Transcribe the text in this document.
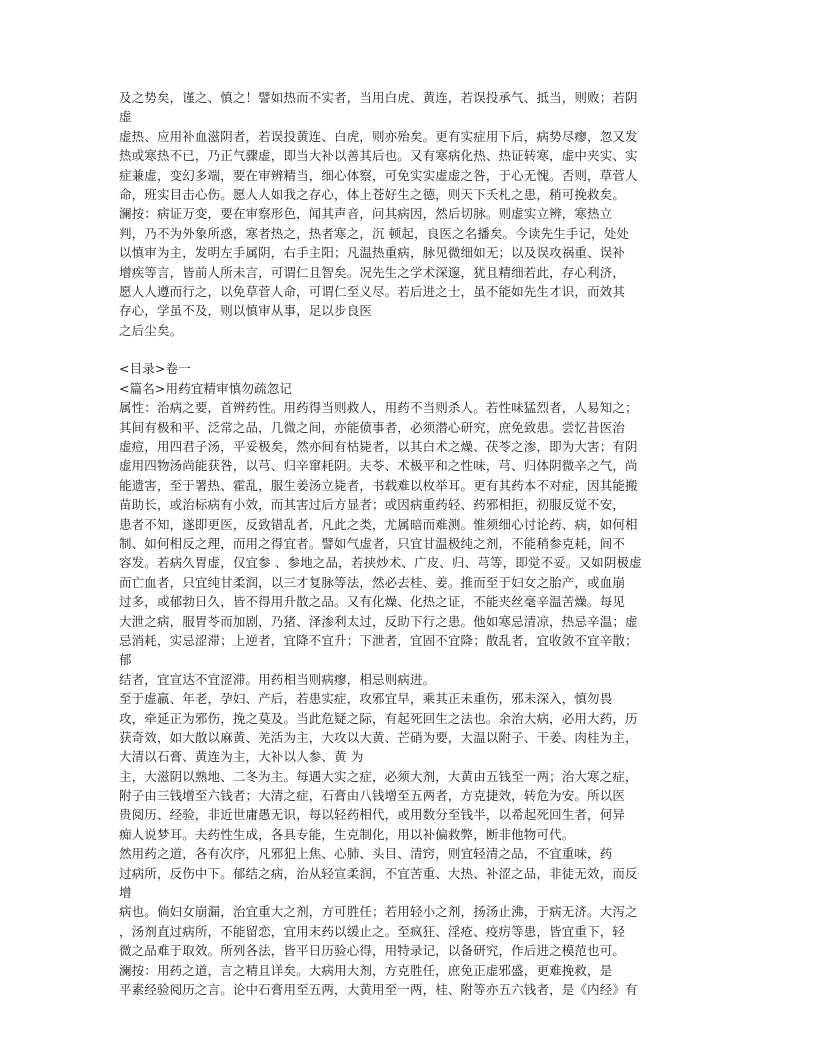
及之势矣，谨之、慎之！譬如热而不实者，当用白虎、黄连，若误投承气、抵当，则败；若阴
虚
虚热、应用补血滋阴者，若误投黄连、白虎，则亦殆矣。更有实症用下后，病势尽瘳，忽又发
热或寒热不已，乃正气骤虚，即当大补以善其后也。又有寒病化热、热证转寒，虚中夹实、实
症兼虚，变幻多端，要在审辨精当，细心体察，可免实实虚虚之咎，于心无愧。否则，草菅人
命，班实目击心伤。愿人人如我之存心，体上苍好生之德，则天下夭札之患，稍可挽救矣。
澜按：病证万变，要在审察形色，闻其声音，问其病因，然后切脉。则虚实立辨，寒热立
判，乃不为外象所惑，寒者热之，热者寒之，沉 顿起，良医之名播矣。今读先生手记，处处
以慎审为主，发明左手属阴，右手主阳；凡温热重病，脉见微细如无；以及误攻祸重、误补
增疾等言，皆前人所未言，可谓仁且智矣。况先生之学术深邃，犹且精细若此，存心利济，
愿人人遵而行之，以免草菅人命，可谓仁至义尽。若后进之士，虽不能如先生才识，而效其
存心，学虽不及，则以慎审从事，足以步良医
之后尘矣。
<目录>卷一
<篇名>用药宜精审慎勿疏忽记
属性：治病之要，首辨药性。用药得当则救人，用药不当则杀人。若性味猛烈者，人易知之；
其间有极和平、泛常之品，几微之间，亦能偾事者，必须潜心研究，庶免致患。尝忆昔医治
虚痘，用四君子汤，平妥极矣，然亦间有枯毙者，以其白术之燥、茯苓之渗，即为大害；有阴
虚用四物汤尚能获咎，以芎、归辛窜耗阴。夫苓、术极平和之性味，芎、归体阴微辛之气，尚
能遗害，至于署热、霍乱，服生姜汤立毙者，书载难以枚举耳。更有其药本不对症，因其能搬
苗助长，或治标病有小效，而其害过后方显者；或因病重药轻、药邪相拒，初服反觉不安，
患者不知，遂即更医，反致错乱者，凡此之类，尤属暗而难测。惟须细心讨论药、病，如何相
制、如何相反之理，而用之得宜者。譬如气虚者，只宜甘温极纯之剂，不能稍参克耗，间不
容发。若病久胃虚，仅宜参 、参地之品，若挟炒术、广皮、归、芎等，即觉不妥。又如阴极虚
而亡血者，只宜纯甘柔润，以三才复脉等法，然必去桂、姜。推而至于妇女之胎产，或血崩
过多，或郁勃日久，皆不得用升散之品。又有化燥、化热之证，不能夹丝毫辛温苦燥。每见
大泄之病，服胃苓而加剧，乃猪、泽渗利太过，反助下行之患。他如寒忌清凉，热忌辛温；虚
忌消耗，实忌涩滞；上逆者，宜降不宜升；下泄者，宜固不宜降；散乱者，宜收敛不宜辛散；
郁
结者，宜宣达不宜涩滞。用药相当则病瘳，相忌则病进。
至于虚羸、年老，孕妇、产后，若患实症，攻邪宜早，乘其正未重伤，邪未深入，慎勿畏
攻，牵延正为邪伤，挽之莫及。当此危疑之际，有起死回生之法也。余治大病，必用大药，历
获奇效，如大散以麻黄、羌活为主，大攻以大黄、芒硝为要，大温以附子、干姜、肉桂为主，
大清以石膏、黄连为主，大补以人参、黄 为
主，大滋阴以熟地、二冬为主。每遇大实之症，必须大剂，大黄由五钱至一两；治大寒之症，
附子由三钱增至六钱者；大清之症，石膏由八钱增至五两者，方克捷效，转危为安。所以医
贵阅历、经验，非近世庸愚无识，每以轻药相代，或用数分至钱半，以希起死回生者，何异
痴人说梦耳。夫药性生成，各具专能，生克制化，用以补偏救弊，断非他物可代。
然用药之道，各有次序，凡邪犯上焦、心肺、头目、清窍，则宜轻清之品，不宜重味，药
过病所，反伤中下。郁结之病，治从轻宣柔润，不宜苦重、大热、补涩之品，非徒无效，而反
增
病也。倘妇女崩漏，治宜重大之剂，方可胜任；若用轻小之剂，扬汤止沸，于病无济。大泻之
，汤剂直过病所，不能留恋，宜用末药以缓止之。至疯狂、淫疮、疫疠等患，皆宜重下，轻
微之品难于取效。所列各法，皆平日历验心得，用特录记，以备研究，作后进之模范也可。
澜按：用药之道，言之精且详矣。大病用大剂，方克胜任，庶免正虚邪盛，更难挽救，是
平素经验阅历之言。论中石膏用至五两，大黄用至一两，桂、附等亦五六钱者，是《内经》有
